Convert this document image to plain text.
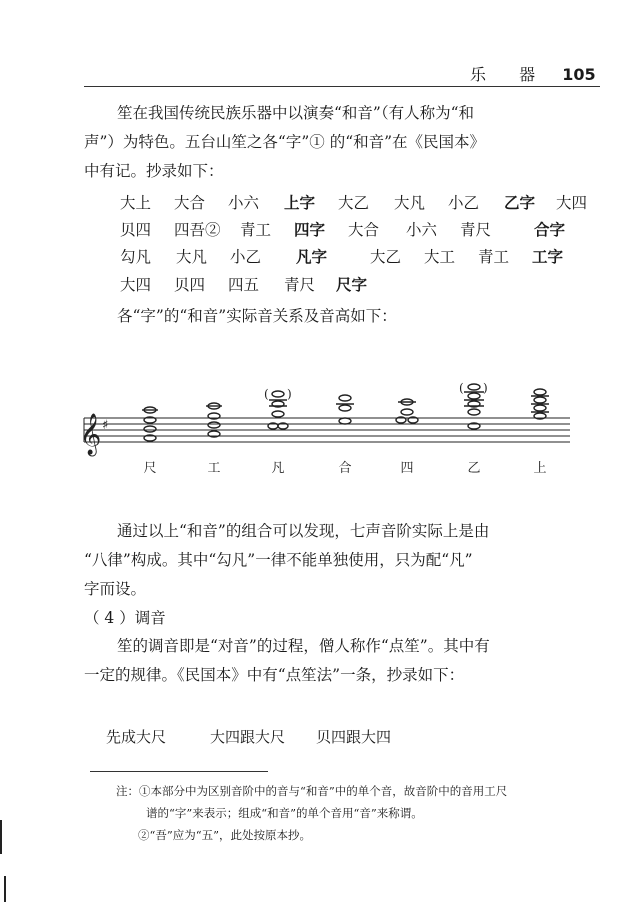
乐 器 105
笙在我国传统民族乐器中以演奏“和音”（有人称为“和
声”）为特色。五台山笙之各“字”① 的“和音”在《民国本》
中有记。抄录如下：
大上 大合 小六 上字 大乙 大凡 小乙 乙字 大四
贝四 四吾② 青工 四字 大合 小六 青尺	合字
勾凡 大凡 小乙 凡字	大乙 大工 青工 工字
大四 贝四 四五 青尺 尺字
各“字”的“和音”实际音关系及音高如下：
𝄞 ♯
( )	( )
尺	工	凡	合	四	乙	上
通过以上“和音”的组合可以发现，七声音阶实际上是由
“八律”构成。其中“勾凡”一律不能单独使用，只为配“凡”
字而设。
（ 4 ）调音
笙的调音即是“对音”的过程，僧人称作“点笙”。其中有
一定的规律。《民国本》中有“点笙法”一条，抄录如下：
先成大尺	大四跟大尺 贝四跟大四
注：①本部分中为区别音阶中的音与“和音”中的单个音，故音阶中的音用工尺
谱的“字”来表示；组成“和音”的单个音用“音”来称谓。
②“吾”应为“五”，此处按原本抄。
